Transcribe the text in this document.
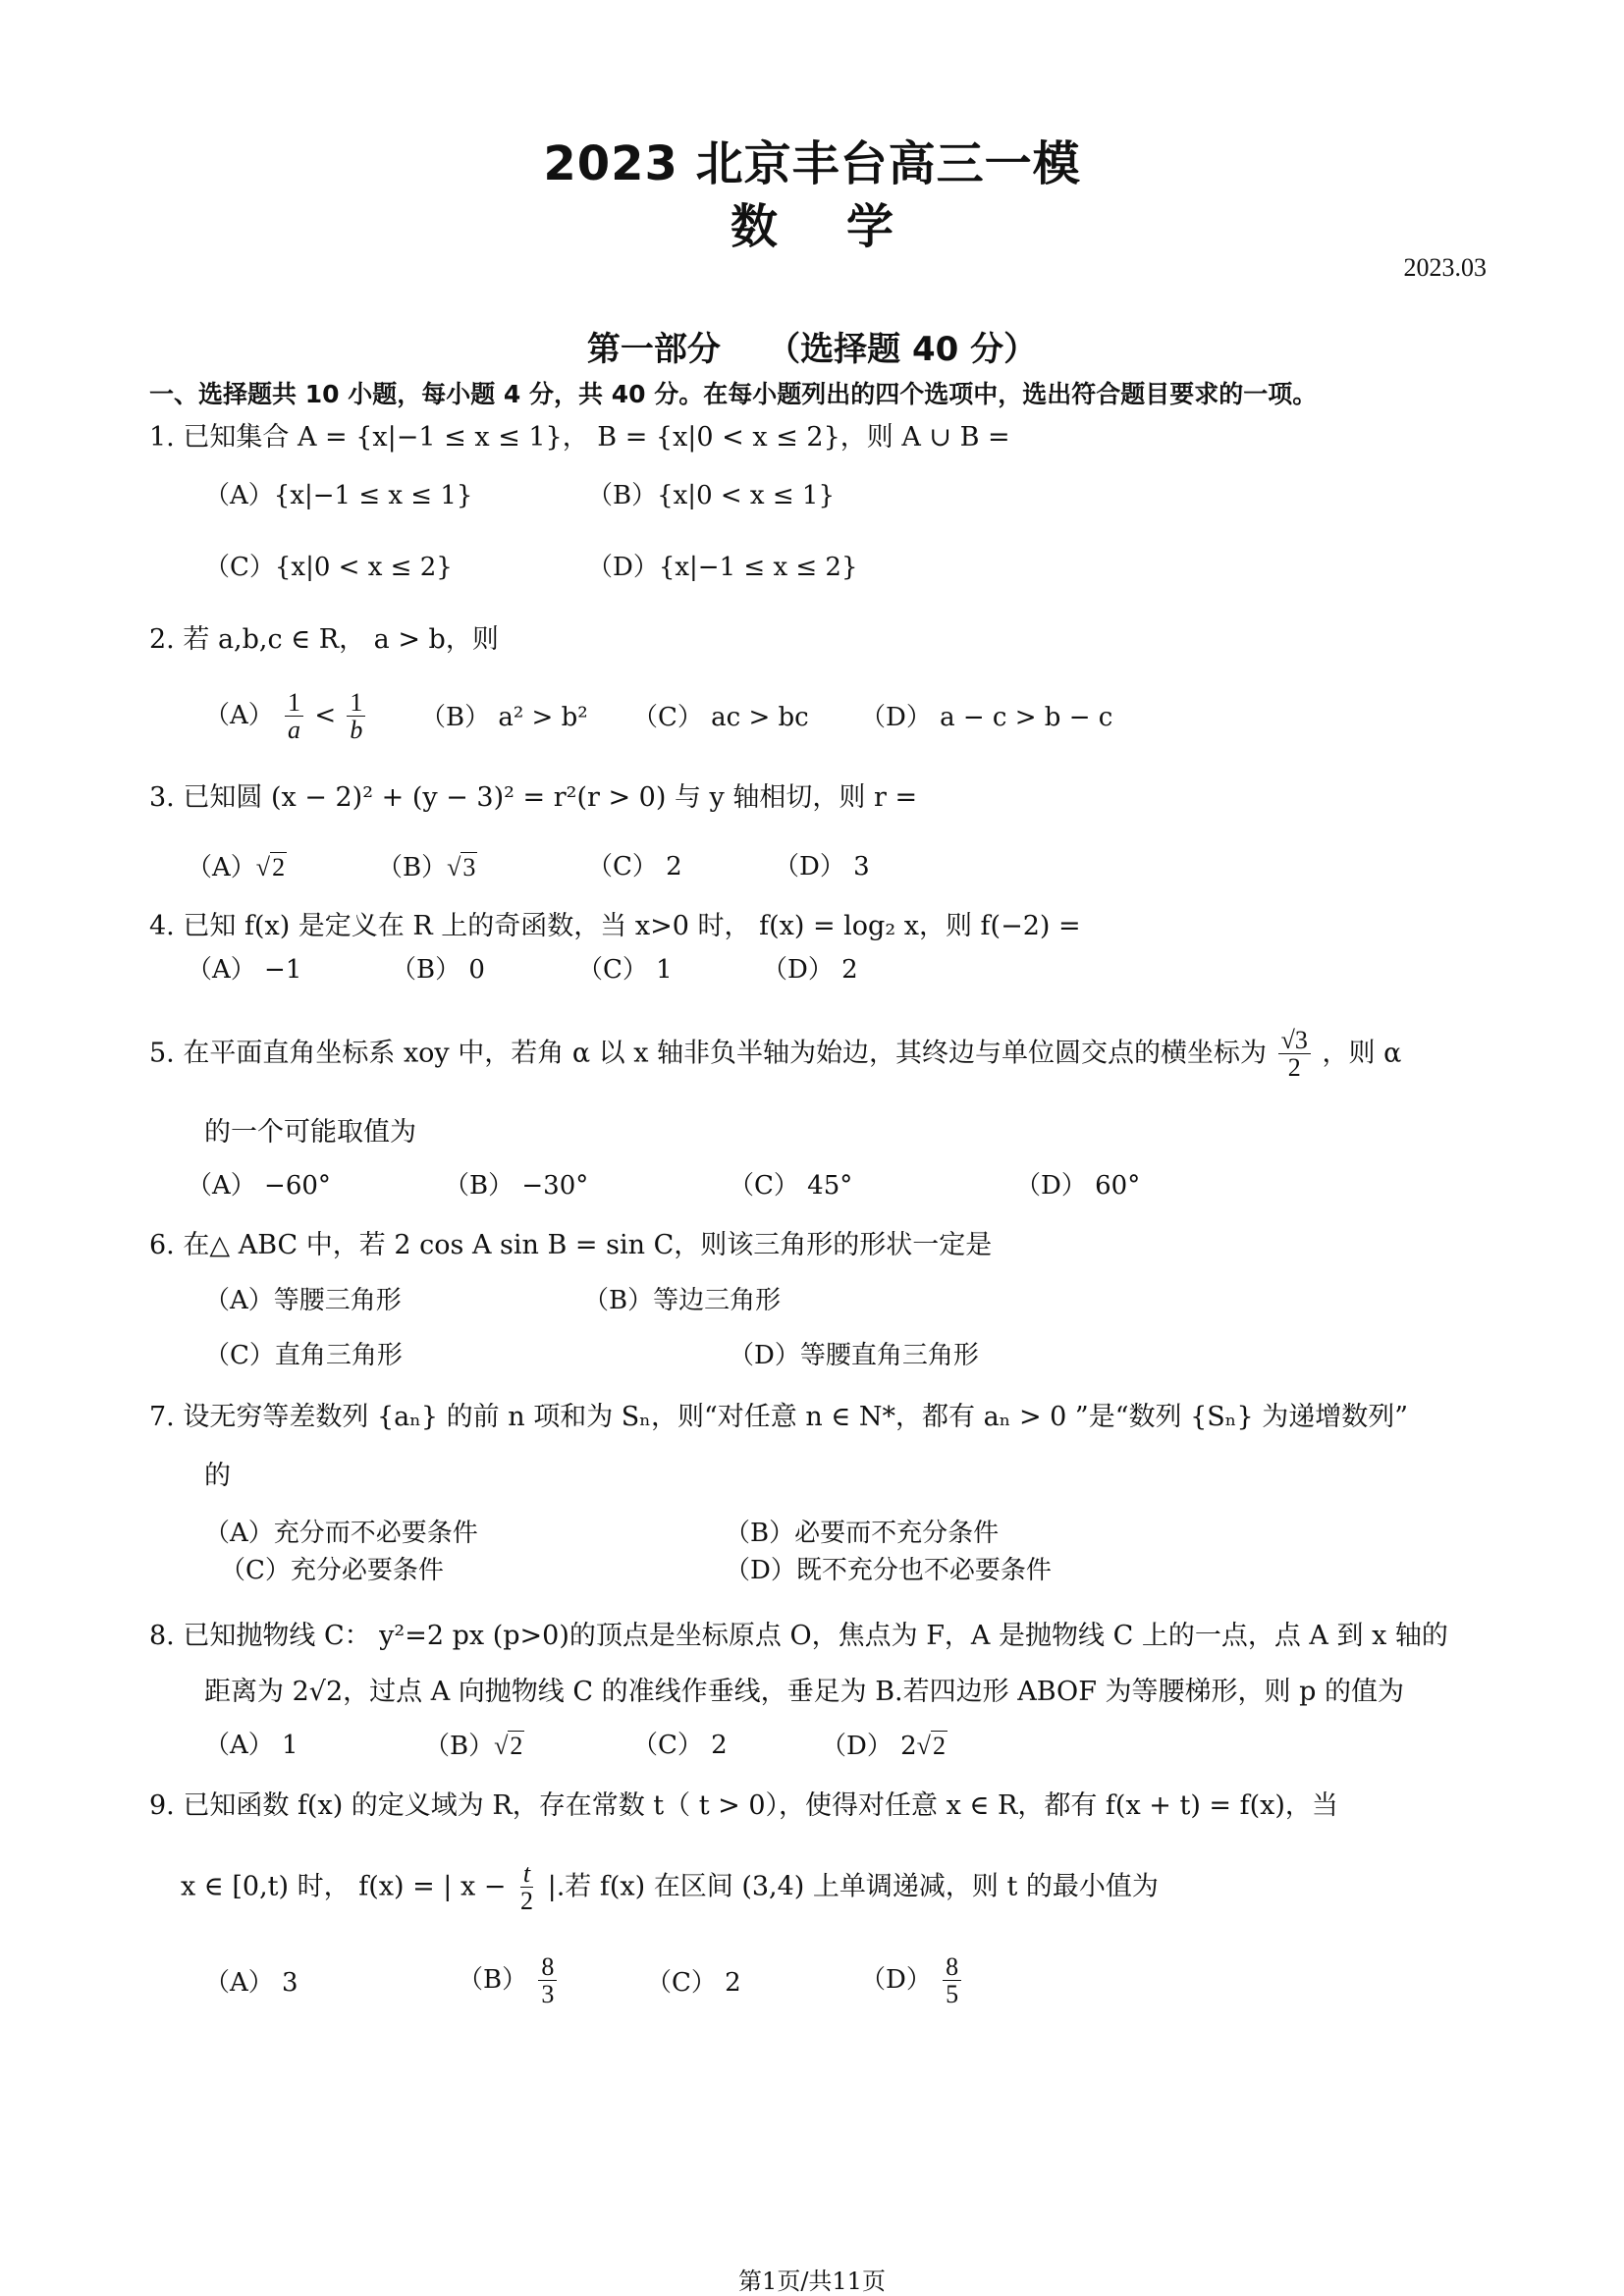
2023 北京丰台高三一模
数学
2023.03
第一部分    （选择题 40 分）
一、选择题共 10 小题，每小题 4 分，共 40 分。在每小题列出的四个选项中，选出符合题目要求的一项。
1. 已知集合 A = {x|−1 ≤ x ≤ 1}， B = {x|0 < x ≤ 2}，则 A ∪ B =
（A）{x|−1 ≤ x ≤ 1}	（B）{x|0 < x ≤ 1}
（C）{x|0 < x ≤ 2}	（D）{x|−1 ≤ x ≤ 2}
2. 若 a,b,c ∈ R， a > b，则
$(A) \frac{1}{a} < \frac{1}{b} (B) a^2 > b^2$ （C） ac > bc （D） a − c > b − c
3. 已知圆 (x − 2)² + (y − 3)² = r²(r > 0) 与 y 轴相切，则 r =
（A）√2	（B）√3	（C） 2	（D） 3
4. 已知 f(x) 是定义在 R 上的奇函数，当 x>0 时， f(x) = log₂ x，则 f(−2) =
（A） −1	（B） 0	（C） 1	（D） 2
5. 在平面直角坐标系 xoy 中，若角 α 以 x 轴非负半轴为始边，其终边与单位圆交点的横坐标为 $\frac{√3}{2}$ ，则 α
的一个可能取值为
（A） −60°	（B） −30°	（C） 45°	（D） 60°
6. 在△ ABC 中，若 2 cos A sin B = sin C，则该三角形的形状一定是
（A）等腰三角形	（B）等边三角形
（C）直角三角形	（D）等腰直角三角形
7. 设无穷等差数列 {aₙ} 的前 n 项和为 Sₙ，则“对任意 n ∈ N*，都有 aₙ > 0 ”是“数列 {Sₙ} 为递增数列”
的
（A）充分而不必要条件	（B）必要而不充分条件
（C）充分必要条件	（D）既不充分也不必要条件
8. 已知抛物线 C： y²=2 px (p>0)的顶点是坐标原点 O，焦点为 F，A 是抛物线 C 上的一点，点 A 到 x 轴的
距离为 2√2，过点 A 向抛物线 C 的准线作垂线，垂足为 B.若四边形 ABOF 为等腰梯形，则 p 的值为
（A） 1	（B）√2	（C） 2	（D） 2√2
9. 已知函数 f(x) 的定义域为 R，存在常数 t（ t > 0），使得对任意 x ∈ R，都有 f(x + t) = f(x)，当
x ∈ [0,t) 时， f(x) = | $x - \frac{t}{2}$ |.若 f(x) 在区间 (3,4) 上单调递减，则 t 的最小值为
（A） 3	$(B) \frac{8}{3}$	（C） 2	$(D) \frac{8}{5}$
第1页/共11页
